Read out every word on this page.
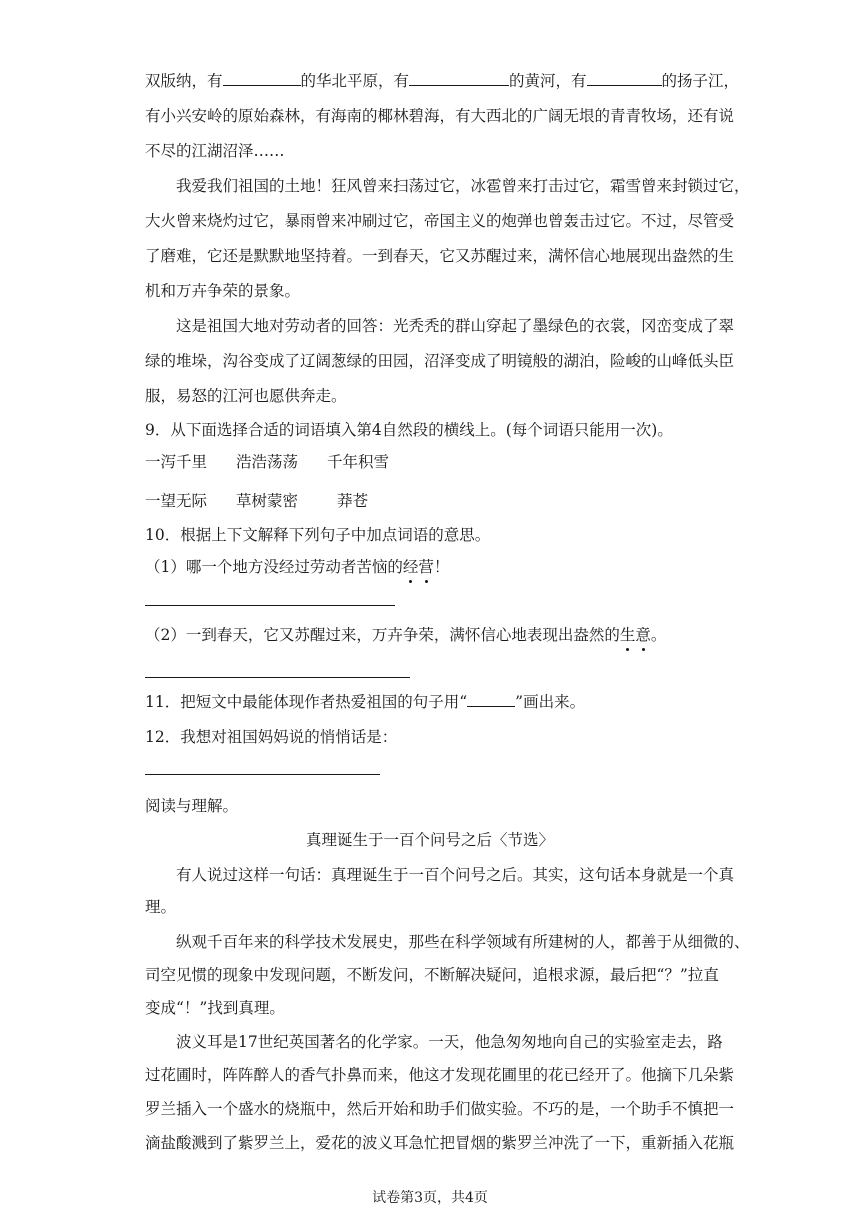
双版纳，有	的华北平原，有	的黄河，有	的扬子江，
有小兴安岭的原始森林，有海南的椰林碧海，有大西北的广阔无垠的青青牧场，还有说
不尽的江湖沼泽……
我爱我们祖国的土地！狂风曾来扫荡过它，冰雹曾来打击过它，霜雪曾来封锁过它，
大火曾来烧灼过它，暴雨曾来冲刷过它，帝国主义的炮弹也曾轰击过它。不过，尽管受
了磨难，它还是默默地坚持着。一到春天，它又苏醒过来，满怀信心地展现出盎然的生
机和万卉争荣的景象。
这是祖国大地对劳动者的回答：光秃秃的群山穿起了墨绿色的衣裳，冈峦变成了翠
绿的堆垛，沟谷变成了辽阔葱绿的田园，沼泽变成了明镜般的湖泊，险峻的山峰低头臣
服，易怒的江河也愿供奔走。
9．从下面选择合适的词语填入第4自然段的横线上。(每个词语只能用一次)。
一泻千里 浩浩荡荡 千年积雪
一望无际 草树蒙密	莽苍
10．根据上下文解释下列句子中加点词语的意思。
（1）哪一个地方没经过劳动者苦恼的经营！
（2）一到春天，它又苏醒过来，万卉争荣，满怀信心地表现出盎然的生意。
11．把短文中最能体现作者热爱祖国的句子用“	”画出来。
12．我想对祖国妈妈说的悄悄话是：
阅读与理解。
真理诞生于一百个问号之后〈节选〉
有人说过这样一句话：真理诞生于一百个问号之后。其实，这句话本身就是一个真
理。
纵观千百年来的科学技术发展史，那些在科学领域有所建树的人，都善于从细微的、
司空见惯的现象中发现问题，不断发问，不断解决疑问，追根求源，最后把“？”拉直
变成“！”找到真理。
波义耳是17世纪英国著名的化学家。一天，他急匆匆地向自己的实验室走去，路
过花圃时，阵阵醉人的香气扑鼻而来，他这才发现花圃里的花已经开了。他摘下几朵紫
罗兰插入一个盛水的烧瓶中，然后开始和助手们做实验。不巧的是，一个助手不慎把一
滴盐酸溅到了紫罗兰上，爱花的波义耳急忙把冒烟的紫罗兰冲洗了一下，重新插入花瓶
试卷第3页，共4页
